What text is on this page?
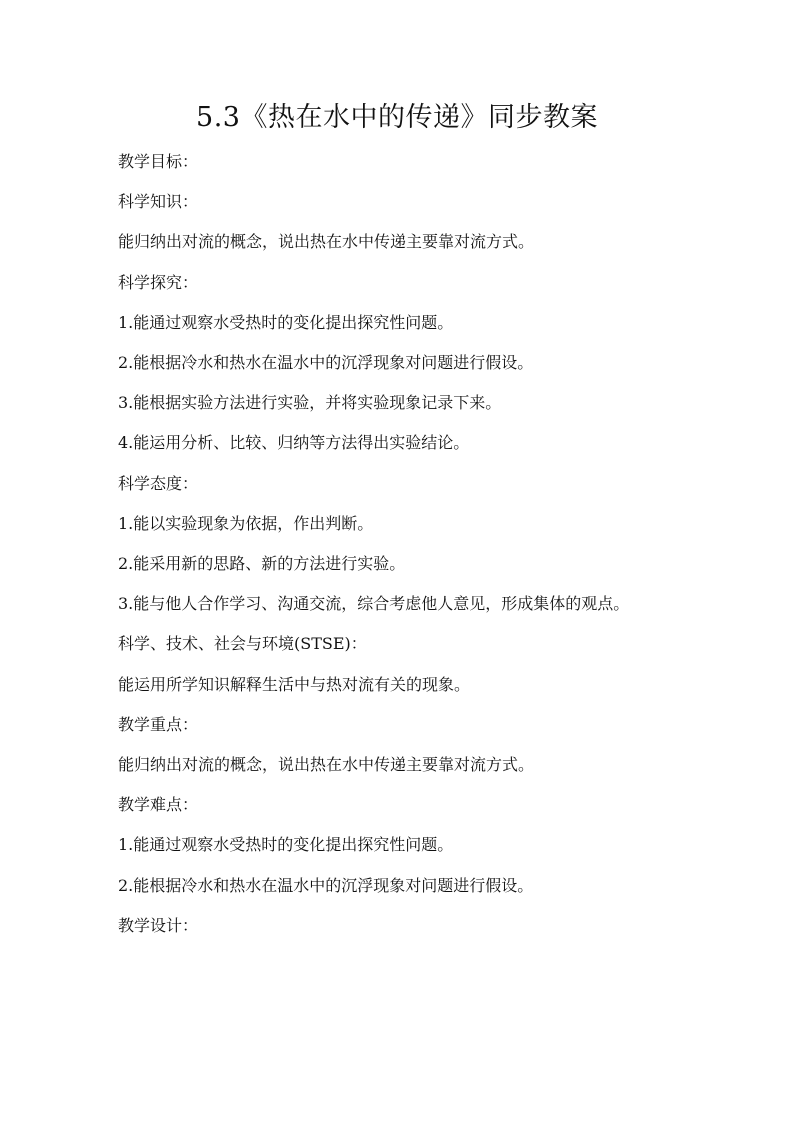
5.3《热在水中的传递》同步教案

教学目标：

科学知识：

能归纳出对流的概念，说出热在水中传递主要靠对流方式。

科学探究：

1.能通过观察水受热时的变化提出探究性问题。

2.能根据冷水和热水在温水中的沉浮现象对问题进行假设。

3.能根据实验方法进行实验，并将实验现象记录下来。

4.能运用分析、比较、归纳等方法得出实验结论。

科学态度：

1.能以实验现象为依据，作出判断。

2.能采用新的思路、新的方法进行实验。

3.能与他人合作学习、沟通交流，综合考虑他人意见，形成集体的观点。

科学、技术、社会与环境(STSE)：

能运用所学知识解释生活中与热对流有关的现象。

教学重点：

能归纳出对流的概念，说出热在水中传递主要靠对流方式。

教学难点：

1.能通过观察水受热时的变化提出探究性问题。

2.能根据冷水和热水在温水中的沉浮现象对问题进行假设。

教学设计：
